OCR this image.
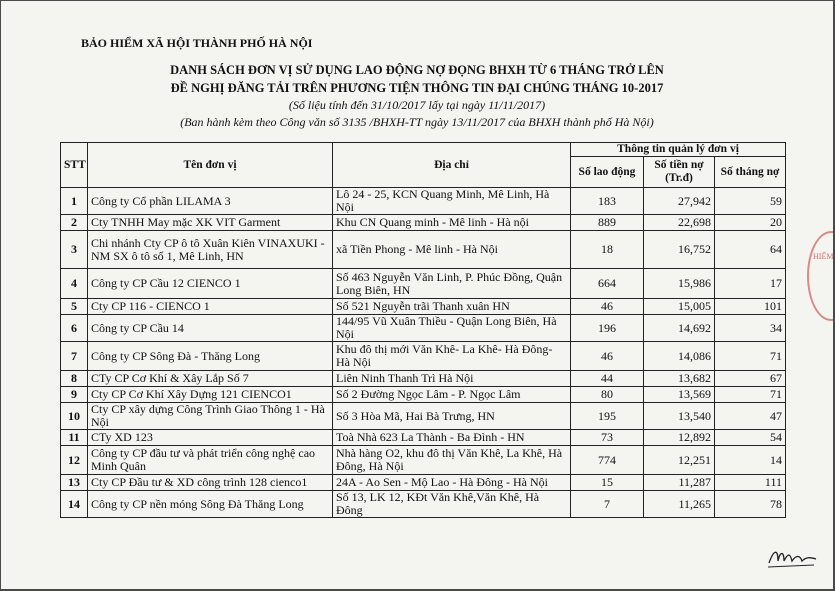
BẢO HIỂM XÃ HỘI THÀNH PHỐ HÀ NỘI
DANH SÁCH ĐƠN VỊ SỬ DỤNG LAO ĐỘNG NỢ ĐỌNG BHXH TỪ 6 THÁNG TRỞ LÊN
ĐỀ NGHỊ ĐĂNG TẢI TRÊN PHƯƠNG TIỆN THÔNG TIN ĐẠI CHÚNG THÁNG 10-2017
(Số liệu tính đến 31/10/2017 lấy tại ngày 11/11/2017)
(Ban hành kèm theo Công văn số 3135 /BHXH-TT ngày 13/11/2017 của BHXH thành phố Hà Nội)
STT	Tên đơn vị	Địa chỉ	Thông tin quản lý đơn vị		
			Số lao động	Số tiền nợ (Tr.đ)	Số tháng nợ
1	Công ty Cổ phần LILAMA 3	Lô 24 - 25, KCN Quang Minh, Mê Linh, Hà Nội	183	27,942	59
2	Cty TNHH May mặc XK VIT Garment	Khu CN Quang minh - Mê linh - Hà nội	889	22,698	20
3	Chi nhánh Cty CP ô tô Xuân Kiên VINAXUKI - NM SX ô tô số 1, Mê Linh, HN	xã Tiền Phong - Mê linh - Hà Nội	18	16,752	64
4	Công ty CP Cầu 12 CIENCO 1	Số 463 Nguyễn Văn Linh, P. Phúc Đồng, Quận Long Biên, HN	664	15,986	17
5	Cty CP 116 - CIENCO 1	Số 521 Nguyễn trãi Thanh xuân HN	46	15,005	101
6	Công ty CP Cầu 14	144/95 Vũ Xuân Thiều - Quận Long Biên, Hà Nội	196	14,692	34
7	Công ty CP Sông Đà - Thăng Long	Khu đô thị mới Văn Khê- La Khê- Hà Đông- Hà Nội	46	14,086	71
8	CTy CP Cơ Khí & Xây Lắp Số 7	Liên Ninh Thanh Trì Hà Nội	44	13,682	67
9	Cty CP Cơ Khí Xây Dựng 121 CIENCO1	Số 2 Đường Ngọc Lâm - P. Ngọc Lâm	80	13,569	71
10	Cty CP xây dựng Công Trình Giao Thông 1 - Hà Nội	Số 3 Hòa Mã, Hai Bà Trưng, HN	195	13,540	47
11	CTy XD 123	Toà Nhà 623 La Thành - Ba Đình - HN	73	12,892	54
12	Công ty CP đầu tư và phát triển công nghệ cao Minh Quân	Nhà hàng O2, khu đô thị Văn Khê, La Khê, Hà Đông, Hà Nội	774	12,251	14
13	Cty CP Đầu tư & XD công trình 128 cienco1	24A - Ao Sen - Mộ Lao - Hà Đông - Hà Nội	15	11,287	111
14	Công ty CP nền móng Sông Đà Thăng Long	Số 13, LK 12, KĐt Văn Khê,Văn Khê, Hà Đông	7	11,265	78
HIỂM
